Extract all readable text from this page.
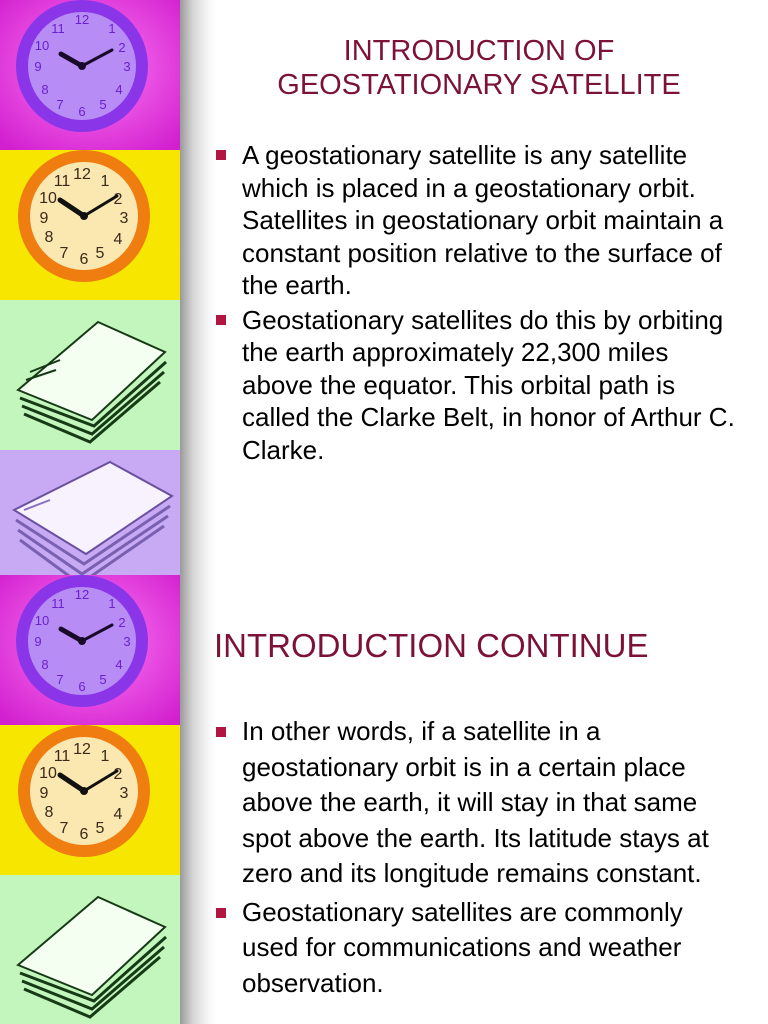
12
1
2
3
4
5
6
7
8
9
10
11
12 1
2
3
4
5
6
7
8
9
10
11
12
1
2
3
4
5
6
7
8
9
10
11
12 1
2
3
4
5
6
7
8
9
10
11
INTRODUCTION OF
GEOSTATIONARY SATELLITE
A geostationary satellite is any satellite which is placed in a geostationary orbit. Satellites in geostationary orbit maintain a constant position relative to the surface of the earth.
Geostationary satellites do this by orbiting the earth approximately 22,300 miles above the equator. This orbital path is called the Clarke Belt, in honor of Arthur C. Clarke.
INTRODUCTION CONTINUE
In other words, if a satellite in a geostationary orbit is in a certain place above the earth, it will stay in that same spot above the earth. Its latitude stays at zero and its longitude remains constant.
Geostationary satellites are commonly used for communications and weather observation.
